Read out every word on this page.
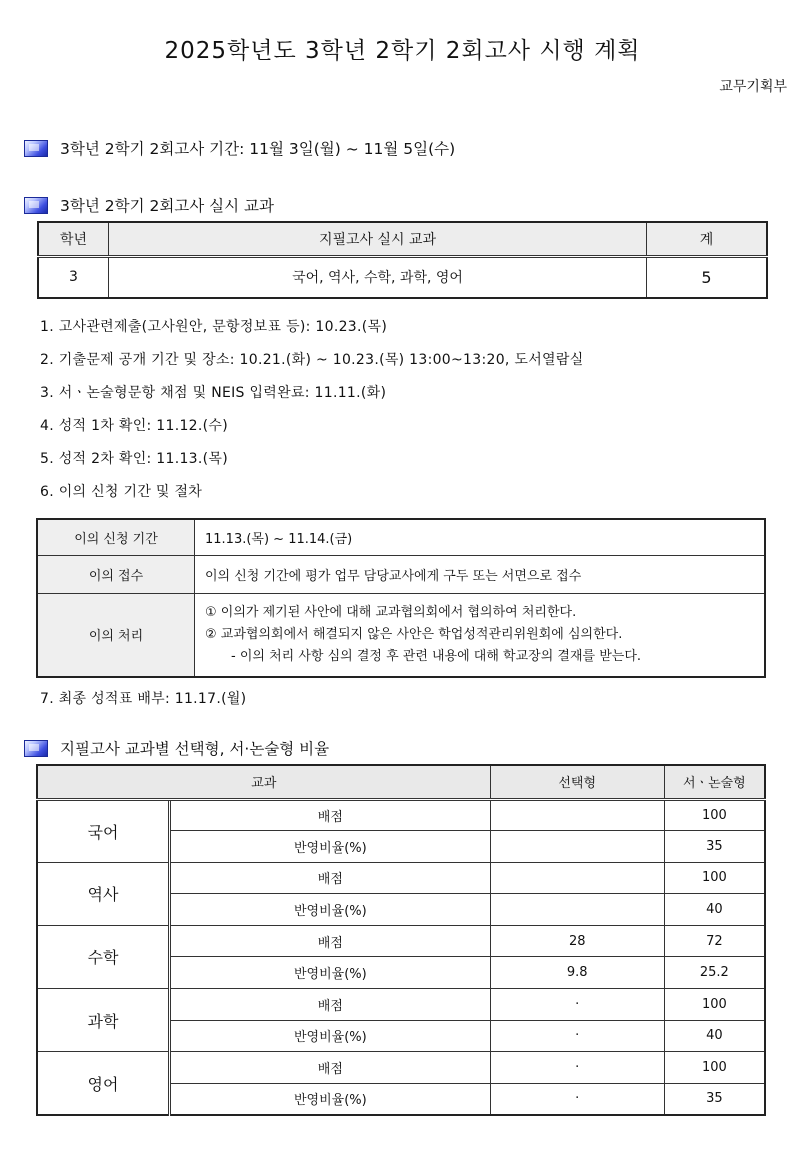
2025학년도 3학년 2학기 2회고사 시행 계획
교무기획부
3학년 2학기 2회고사 기간: 11월 3일(월) ~ 11월 5일(수)
3학년 2학기 2회고사 실시 교과
학년	지필고사 실시 교과	계
3	국어, 역사, 수학, 과학, 영어	5
1. 고사관련제출(고사원안, 문항정보표 등): 10.23.(목)
2. 기출문제 공개 기간 및 장소: 10.21.(화) ~ 10.23.(목) 13:00~13:20, 도서열람실
3. 서ㆍ논술형문항 채점 및 NEIS 입력완료: 11.11.(화)
4. 성적 1차 확인: 11.12.(수)
5. 성적 2차 확인: 11.13.(목)
6. 이의 신청 기간 및 절차
이의 신청 기간	11.13.(목) ~ 11.14.(금)
이의 접수	이의 신청 기간에 평가 업무 담당교사에게 구두 또는 서면으로 접수
이의 처리	① 이의가 제기된 사안에 대해 교과협의회에서 협의하여 처리한다.
② 교과협의회에서 해결되지 않은 사안은 학업성적관리위원회에 심의한다.
- 이의 처리 사항 심의 결정 후 관련 내용에 대해 학교장의 결재를 받는다.
7. 최종 성적표 배부: 11.17.(월)
지필고사 교과별 선택형, 서·논술형 비율
교과		선택형	서ㆍ논술형
국어	배점		100
	반영비율(%)		35
역사	배점		100
	반영비율(%)		40
수학	배점	28	72
	반영비율(%)	9.8	25.2
과학	배점	·	100
	반영비율(%)	·	40
영어	배점	·	100
	반영비율(%)	·	35
